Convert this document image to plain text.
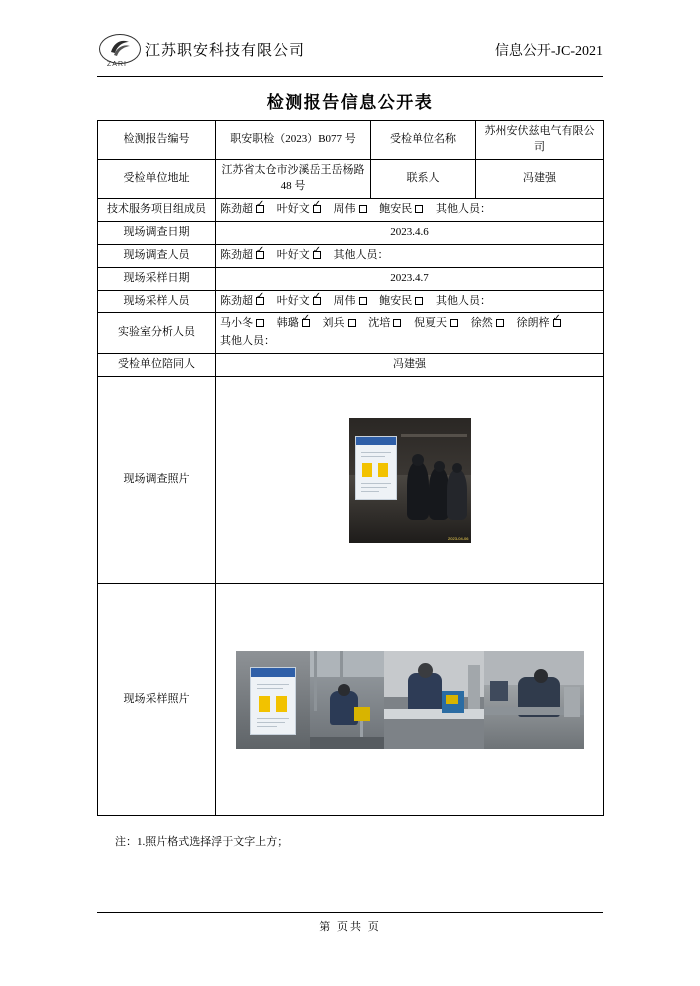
ZARI
江苏职安科技有限公司	信息公开-JC-2021
检测报告信息公开表
检测报告编号	职安职检（2023）B077 号	受检单位名称	苏州安伏兹电气有限公司
受检单位地址	江苏省太仓市沙溪岳王岳杨路 48 号	联系人	冯建强
技术服务项目组成员	陈劲超 ✓ 叶好文 ✓ 周伟 鲍安民 其他人员：

现场调查日期	2023.4.6		
现场调查人员	陈劲超 ✓ 叶好文 ✓ 其他人员：

现场采样日期	2023.4.7		
现场采样人员	陈劲超 ✓ 叶好文 ✓ 周伟 鲍安民 其他人员：

实验室分析人员	马小冬 韩璐 ✓ 刘兵 沈培 倪夏天 徐然 徐朗梓✓
其他人员：

受检单位陪同人	冯建强		
现场调查照片	2023-04-06		

现场采样照片			
注：1.照片格式选择浮于文字上方；
第 页共 页
